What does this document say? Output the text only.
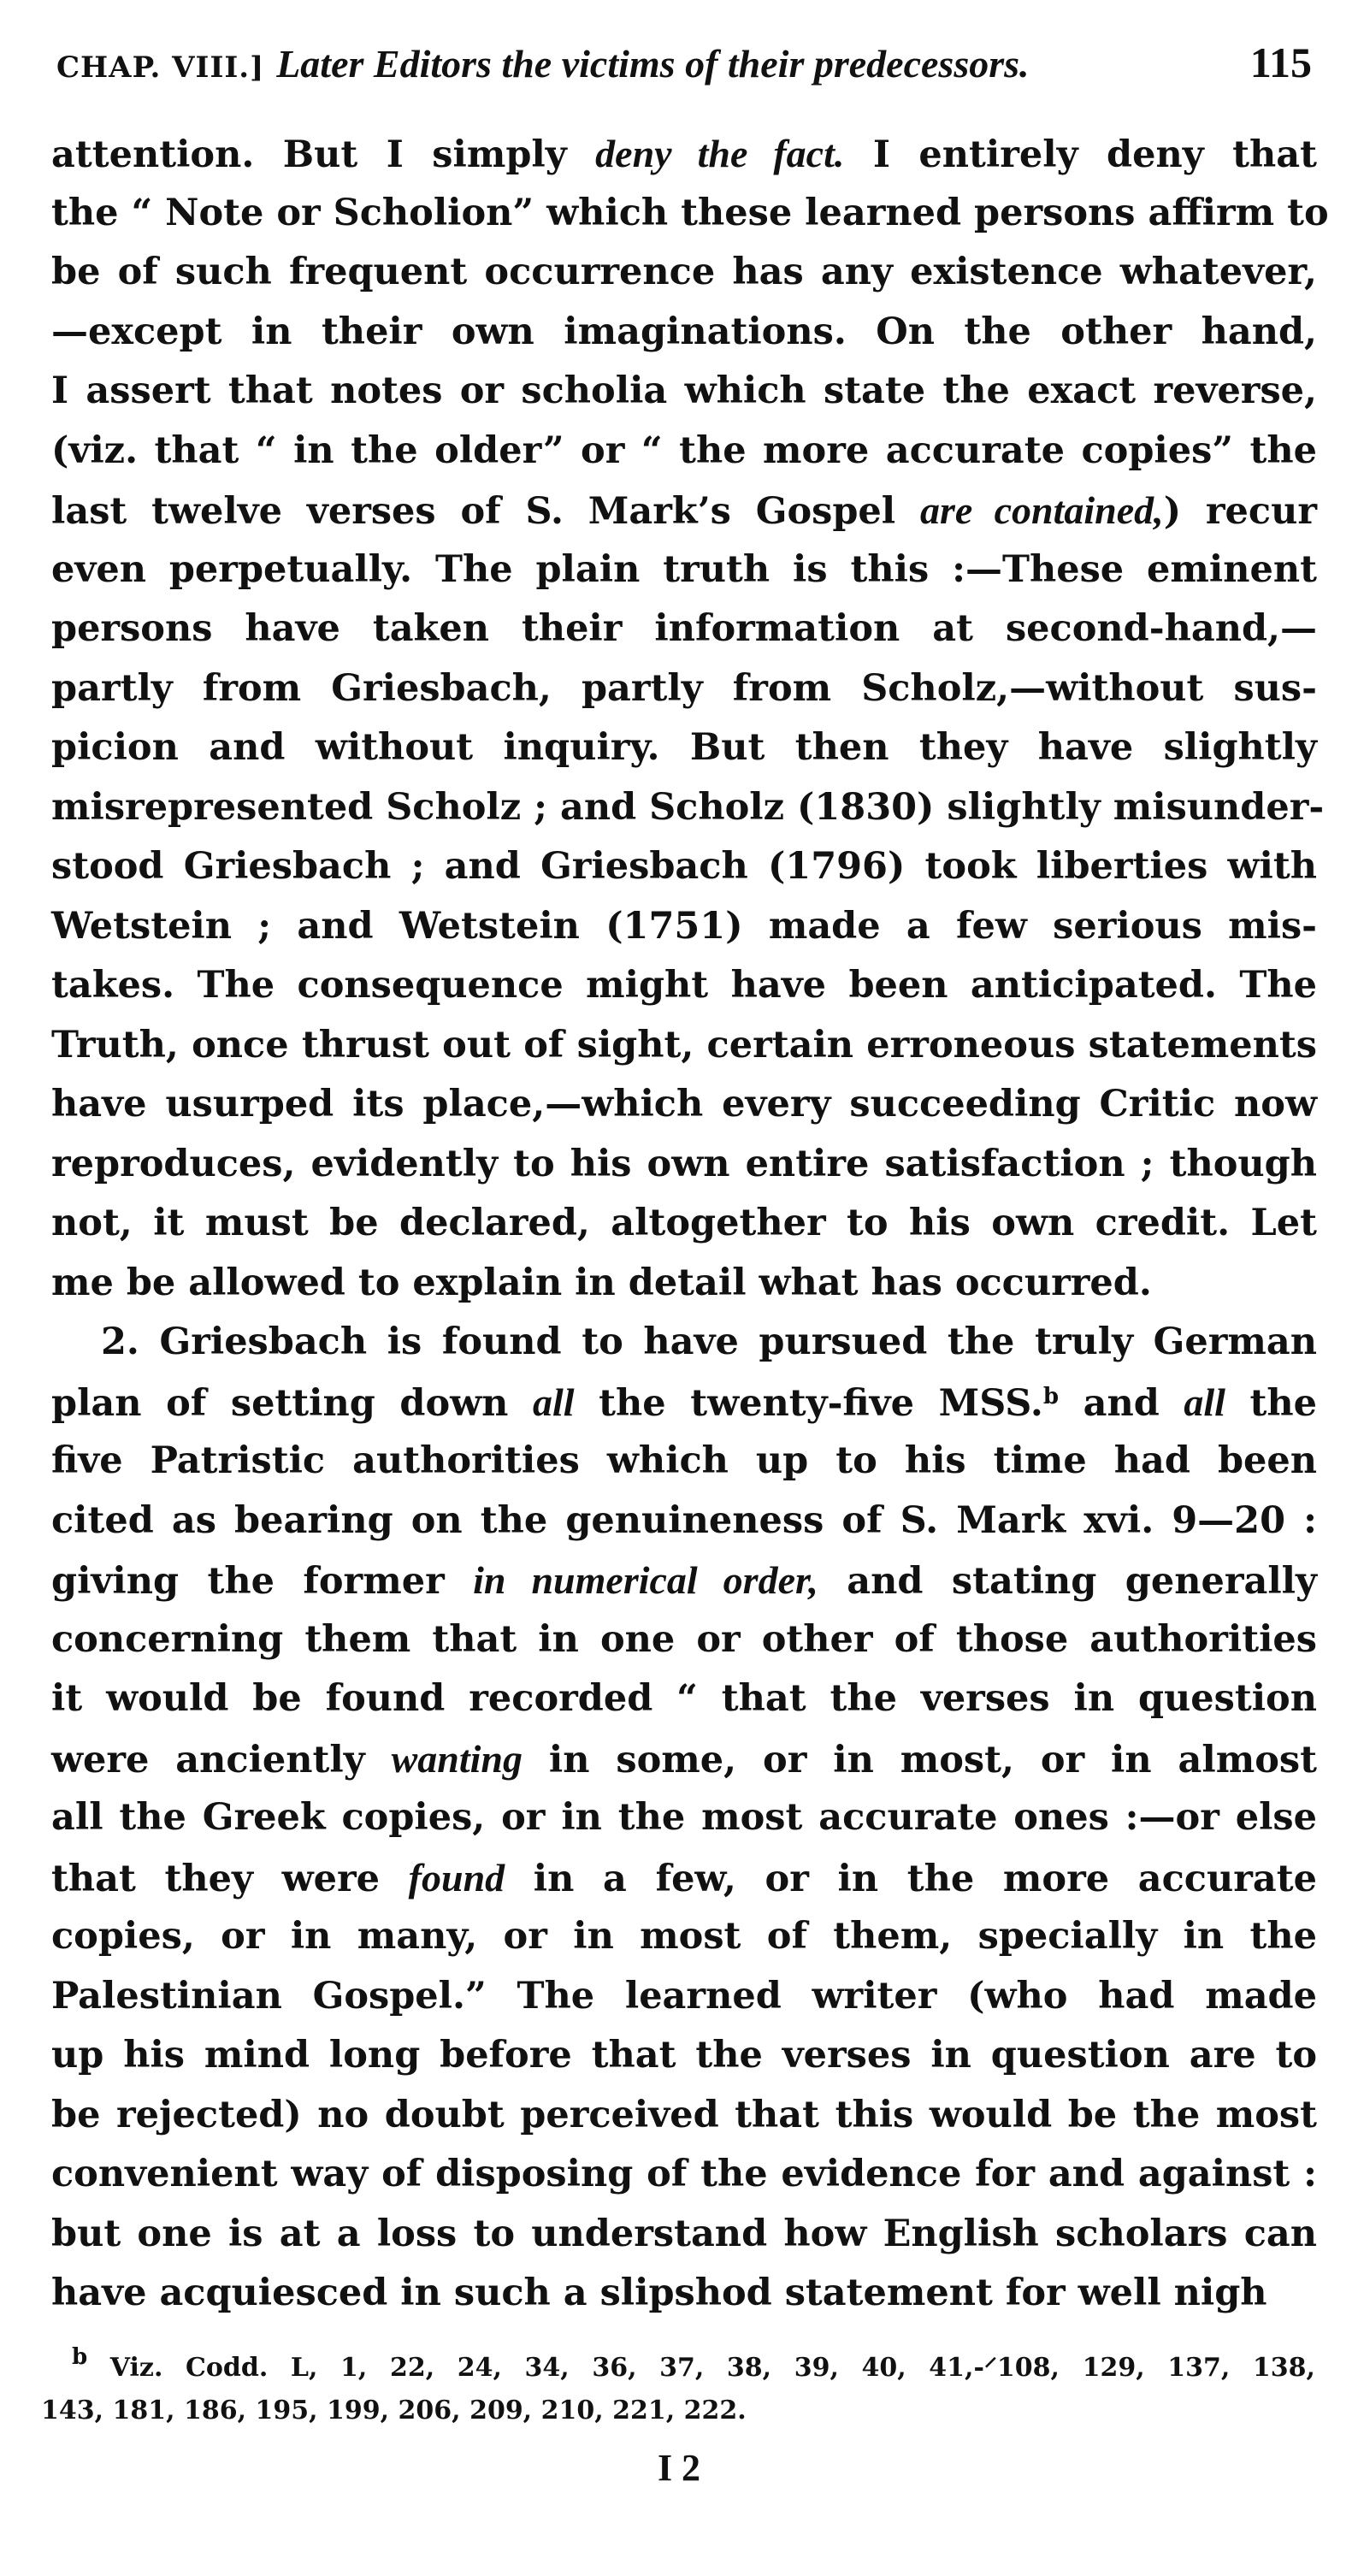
CHAP. VIII.] Later Editors the victims of their predecessors.	115
attention. But I simply deny the fact. I entirely deny that
the “ Note or Scholion” which these learned persons affirm to
be of such frequent occurrence has any existence whatever,
—except in their own imaginations. On the other hand,
I assert that notes or scholia which state the exact reverse,
(viz. that “ in the older” or “ the more accurate copies” the
last twelve verses of S. Mark’s Gospel are contained,) recur
even perpetually. The plain truth is this :—These eminent
persons have taken their information at second-hand,—
partly from Griesbach, partly from Scholz,—without sus-
picion and without inquiry. But then they have slightly
misrepresented Scholz ; and Scholz (1830) slightly misunder-
stood Griesbach ; and Griesbach (1796) took liberties with
Wetstein ; and Wetstein (1751) made a few serious mis-
takes. The consequence might have been anticipated. The
Truth, once thrust out of sight, certain erroneous statements
have usurped its place,—which every succeeding Critic now
reproduces, evidently to his own entire satisfaction ; though
not, it must be declared, altogether to his own credit. Let
me be allowed to explain in detail what has occurred.
2. Griesbach is found to have pursued the truly German
plan of setting down all the twenty-five MSS.$^b$ and all the
five Patristic authorities which up to his time had been
cited as bearing on the genuineness of S. Mark xvi. 9—20 :
giving the former in numerical order, and stating generally
concerning them that in one or other of those authorities
it would be found recorded “ that the verses in question
were anciently wanting in some, or in most, or in almost
all the Greek copies, or in the most accurate ones :—or else
that they were found in a few, or in the more accurate
copies, or in many, or in most of them, specially in the
Palestinian Gospel.” The learned writer (who had made
up his mind long before that the verses in question are to
be rejected) no doubt perceived that this would be the most
convenient way of disposing of the evidence for and against :
but one is at a loss to understand how English scholars can
have acquiesced in such a slipshod statement for well nigh
$^b$ Viz. Codd. L, 1, 22, 24, 34, 36, 37, 38, 39, 40, 41,-⸍108, 129, 137, 138,
143, 181, 186, 195, 199, 206, 209, 210, 221, 222.
I 2
